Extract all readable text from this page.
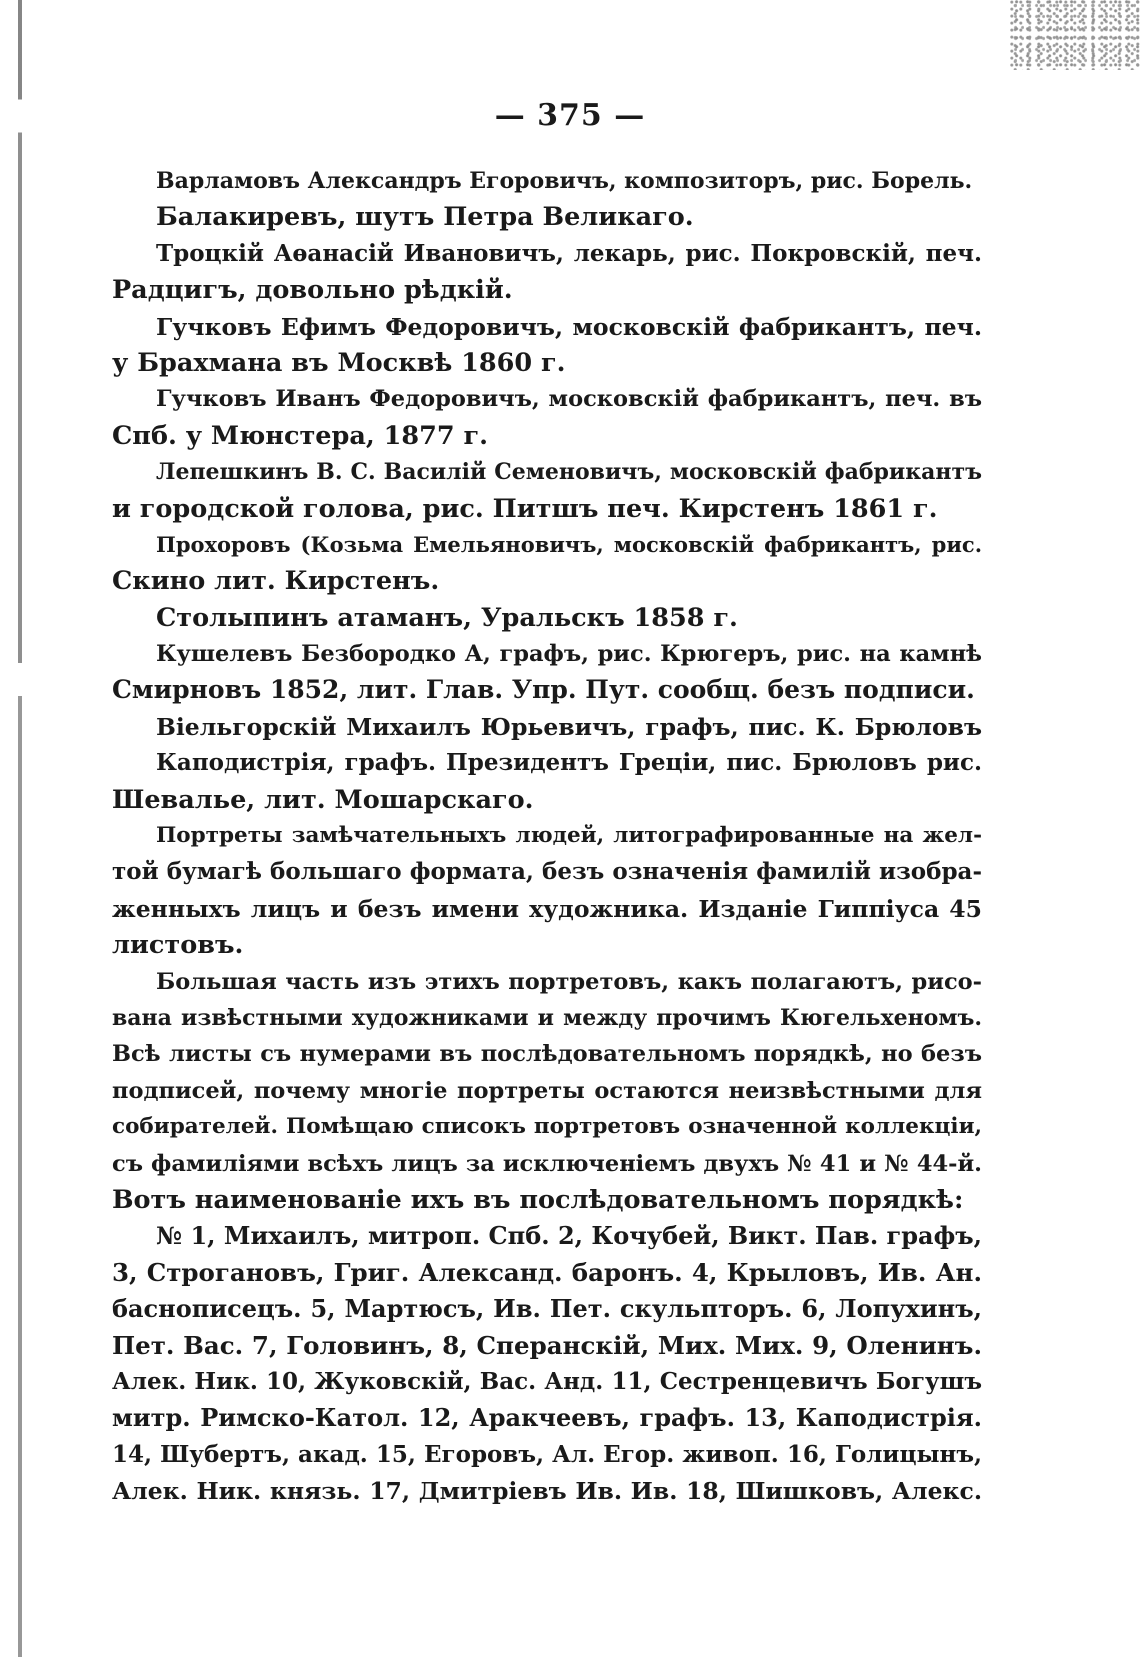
— 375 —
Варламовъ Александръ Егоровичъ, композиторъ, рис. Борель.
Балакиревъ, шутъ Петра Великаго.
Троцкій Аѳанасій Ивановичъ, лекарь, рис. Покровскій, печ.
Радцигъ, довольно рѣдкій.
Гучковъ Ефимъ Федоровичъ, московскій фабрикантъ, печ.
у Брахмана въ Москвѣ 1860 г.
Гучковъ Иванъ Федоровичъ, московскій фабрикантъ, печ. въ
Спб. у Мюнстера, 1877 г.
Лепешкинъ В. С. Василій Семеновичъ, московскій фабрикантъ
и городской голова, рис. Питшъ печ. Кирстенъ 1861 г.
Прохоровъ (Козьма Емельяновичъ, московскій фабрикантъ, рис.
Скино лит. Кирстенъ.
Столыпинъ атаманъ, Уральскъ 1858 г.
Кушелевъ Безбородко А, графъ, рис. Крюгеръ, рис. на камнѣ
Смирновъ 1852, лит. Глав. Упр. Пут. сообщ. безъ подписи.
Віельгорскій Михаилъ Юрьевичъ, графъ, пис. К. Брюловъ
Каподистрія, графъ. Президентъ Греціи, пис. Брюловъ рис.
Шевалье, лит. Мошарскаго.
Портреты замѣчательныхъ людей, литографированные на жел-
той бумагѣ большаго формата, безъ означенія фамилій изобра-
женныхъ лицъ и безъ имени художника. Изданіе Гиппіуса 45
листовъ.
Большая часть изъ этихъ портретовъ, какъ полагаютъ, рисо-
вана извѣстными художниками и между прочимъ Кюгельхеномъ.
Всѣ листы съ нумерами въ послѣдовательномъ порядкѣ, но безъ
подписей, почему многіе портреты остаются неизвѣстными для
собирателей. Помѣщаю списокъ портретовъ означенной коллекціи,
съ фамиліями всѣхъ лицъ за исключеніемъ двухъ № 41 и № 44-й.
Вотъ наименованіе ихъ въ послѣдовательномъ порядкѣ:
№ 1, Михаилъ, митроп. Спб. 2, Кочубей, Викт. Пав. графъ,
3, Строгановъ, Григ. Александ. баронъ. 4, Крыловъ, Ив. Ан.
баснописецъ. 5, Мартюсъ, Ив. Пет. скульпторъ. 6, Лопухинъ,
Пет. Вас. 7, Головинъ, 8, Сперанскій, Мих. Мих. 9, Оленинъ.
Алек. Ник. 10, Жуковскій, Вас. Анд. 11, Сестренцевичъ Богушъ
митр. Римско-Катол. 12, Аракчеевъ, графъ. 13, Каподистрія.
14, Шубертъ, акад. 15, Егоровъ, Ал. Егор. живоп. 16, Голицынъ,
Алек. Ник. князь. 17, Дмитріевъ Ив. Ив. 18, Шишковъ, Алекс.
